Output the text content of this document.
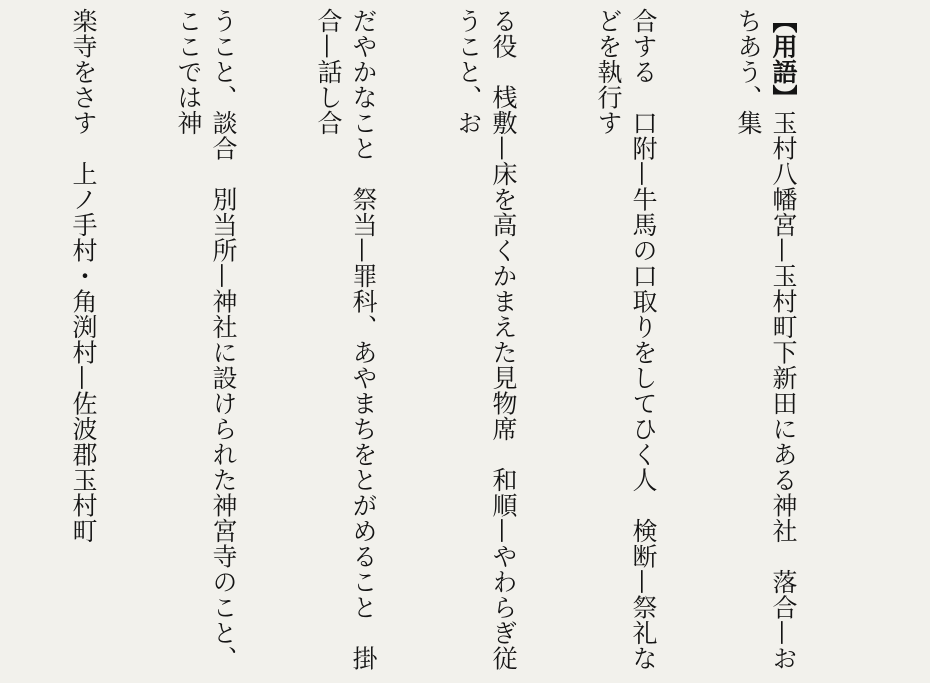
【用語】玉村八幡宮—玉村町下新田にある神社　落合—おちあう、集

合する　口附—牛馬の口取りをしてひく人　検断—祭礼などを執行す

る役　桟敷—床を高くかまえた見物席　和順—やわらぎ従うこと、お

だやかなこと　祭当—罪科、あやまちをとがめること　掛合—話し合

うこと、談合　別当所—神社に設けられた神宮寺のこと、ここでは神

楽寺をさす　上ノ手村・角渕村—佐波郡玉村町
